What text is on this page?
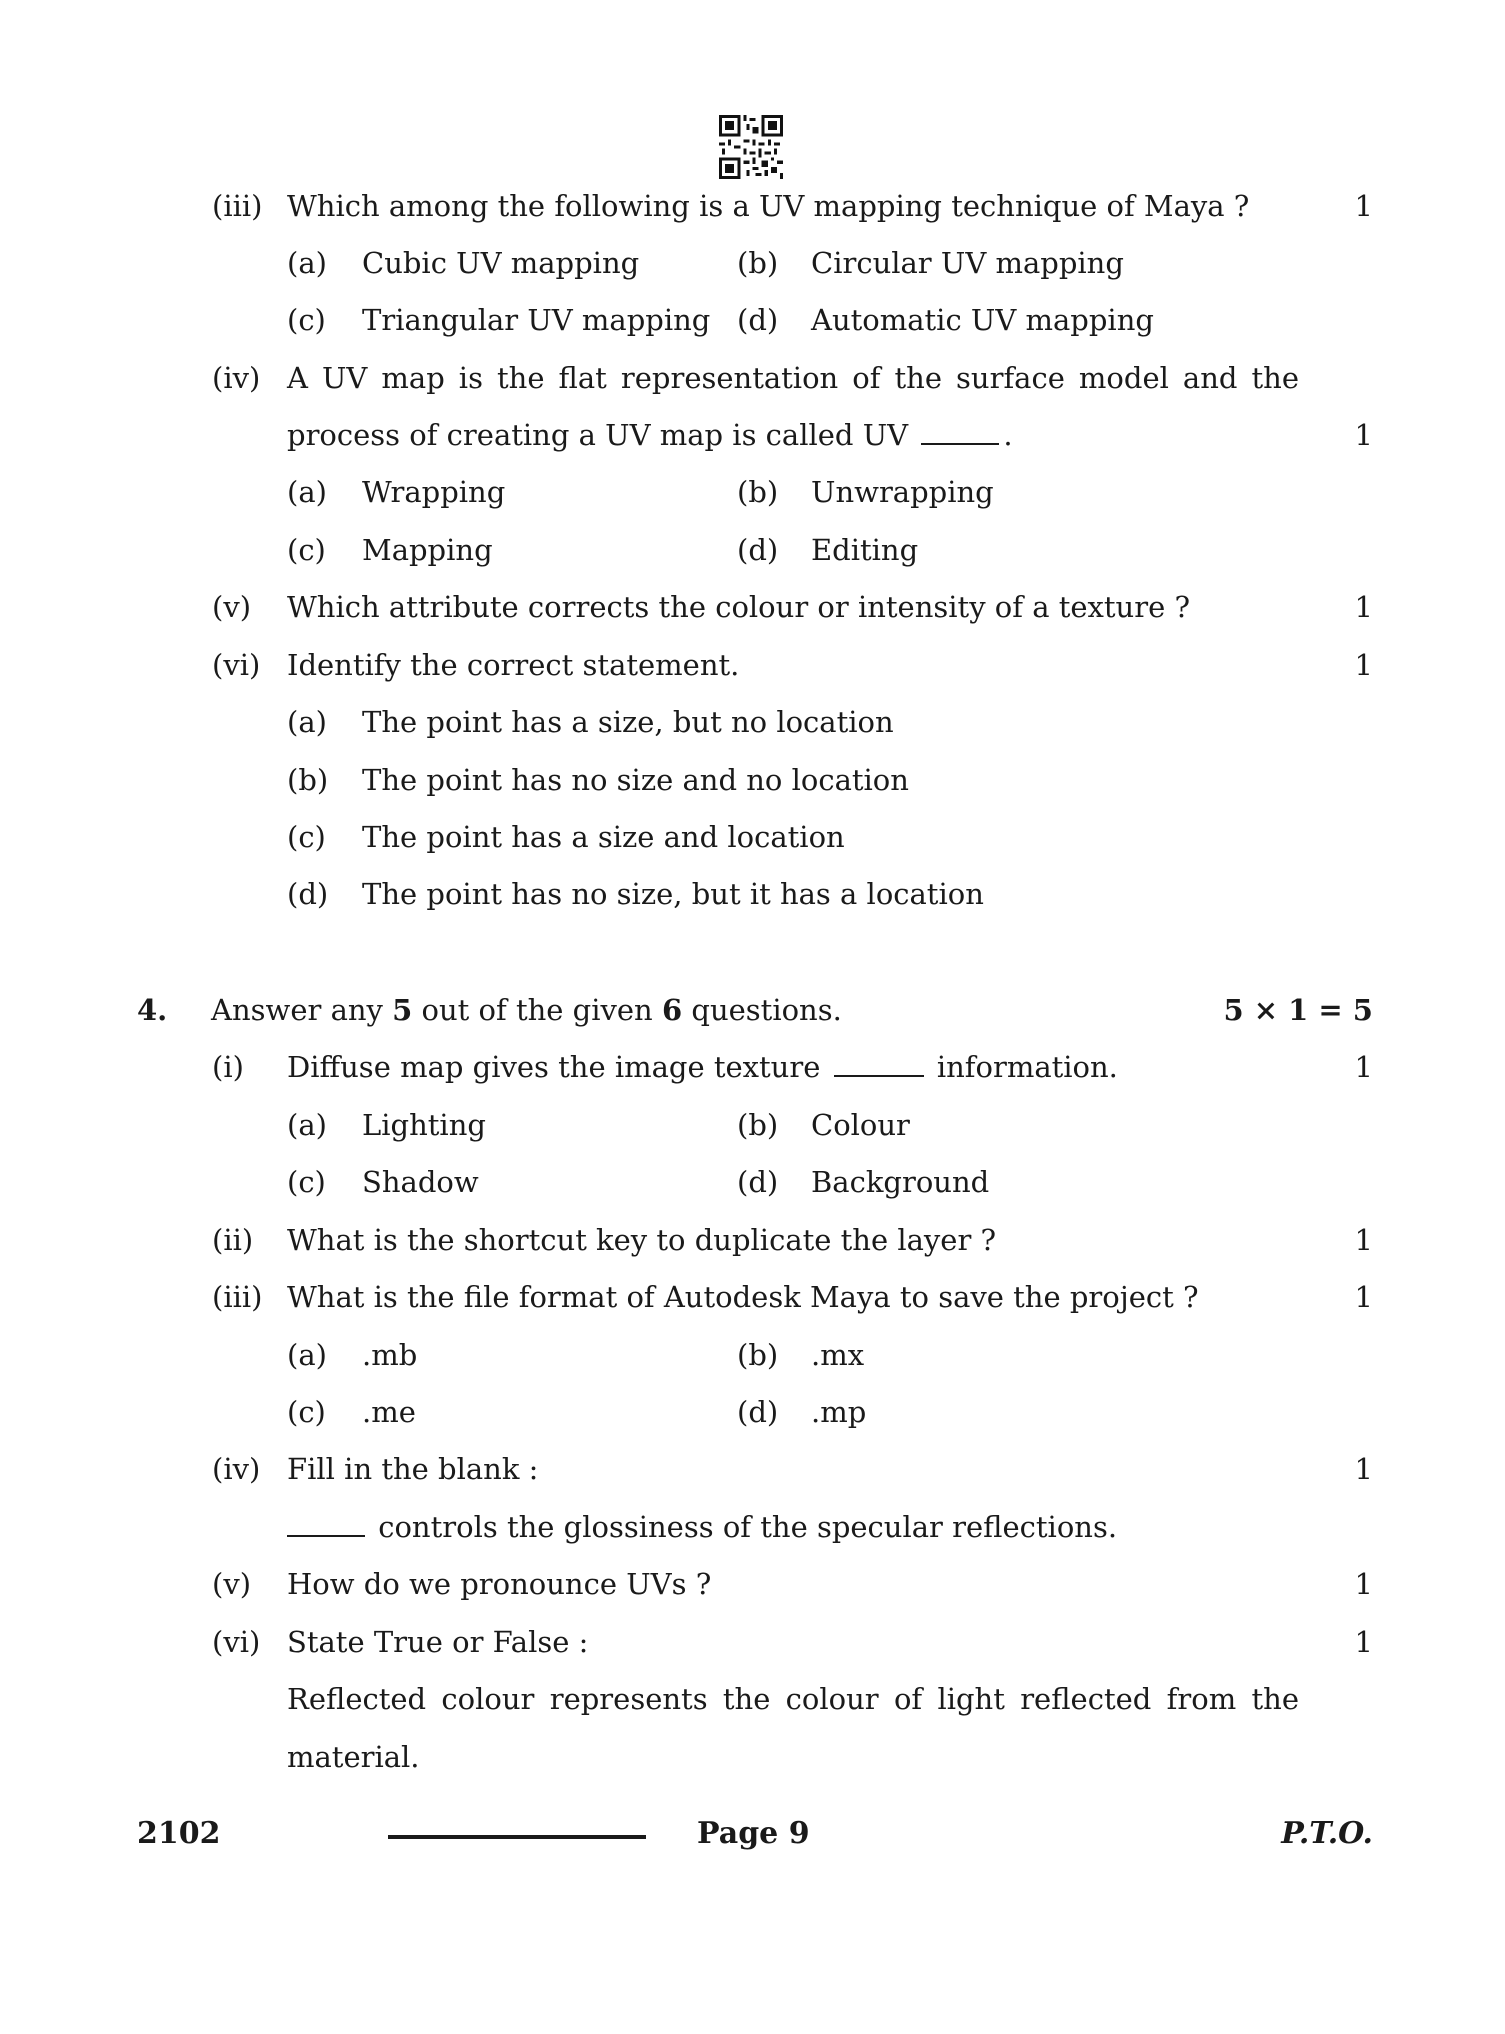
(iii) Which among the following is a UV mapping technique of Maya ?	1
(a) Cubic UV mapping	(b) Circular UV mapping
(c) Triangular UV mapping (d) Automatic UV mapping
(iv) A UV map is the flat representation of the surface model and the
process of creating a UV map is called UV	.	1
(a) Wrapping	(b) Unwrapping
(c) Mapping	(d) Editing
(v) Which attribute corrects the colour or intensity of a texture ?	1
(vi) Identify the correct statement.	1
(a) The point has a size, but no location
(b) The point has no size and no location
(c) The point has a size and location
(d) The point has no size, but it has a location
4. Answer any 5 out of the given 6 questions.	5 × 1 = 5
(i) Diffuse map gives the image texture	information.	1
(a) Lighting	(b) Colour
(c) Shadow	(d) Background
(ii) What is the shortcut key to duplicate the layer ?	1
(iii) What is the file format of Autodesk Maya to save the project ?	1
(a) .mb	(b) .mx
(c) .me	(d) .mp
(iv) Fill in the blank :	1
controls the glossiness of the specular reflections.
(v) How do we pronounce UVs ?	1
(vi) State True or False :	1
Reflected colour represents the colour of light reflected from the
material.
2102	Page 9	P.T.O.
